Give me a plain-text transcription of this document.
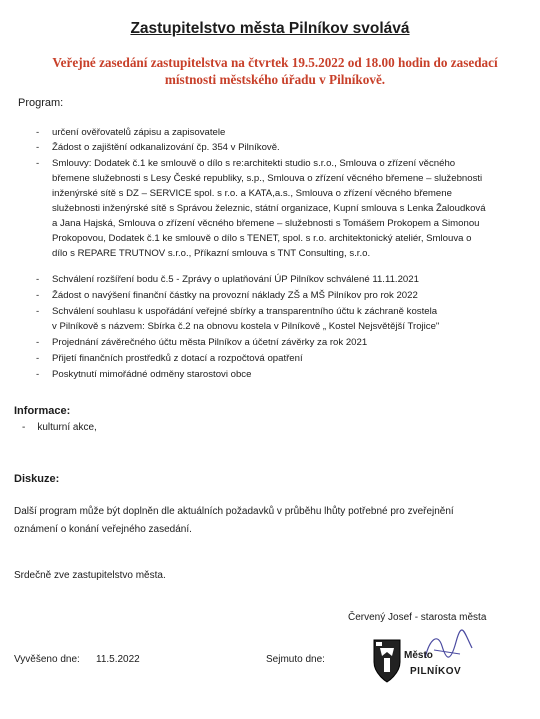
Zastupitelstvo města Pilníkov svolává
Veřejné zasedání zastupitelstva na čtvrtek 19.5.2022 od 18.00 hodin do zasedací
místnosti městského úřadu v Pilníkově.
Program:
- určení ověřovatelů zápisu a zapisovatele
- Žádost o zajištění odkanalizování čp. 354 v Pilníkově.
- Smlouvy: Dodatek č.1 ke smlouvě o dílo s re:architekti studio s.r.o., Smlouva o zřízení věcného
břemene služebnosti s Lesy České republiky, s.p., Smlouva o zřízení věcného břemene – služebnosti
inženýrské sítě s DZ – SERVICE spol. s r.o. a KATA,a.s., Smlouva o zřízení věcného břemene
služebnosti inženýrské sítě s Správou železnic, státní organizace, Kupní smlouva s Lenka Žaloudková
a Jana Hajská, Smlouva o zřízení věcného břemene – služebnosti s Tomášem Prokopem a Simonou
Prokopovou, Dodatek č.1 ke smlouvě o dílo s TENET, spol. s r.o. architektonický ateliér, Smlouva o
dílo s REPARE TRUTNOV s.r.o., Příkazní smlouva s TNT Consulting, s.r.o.
- Schválení rozšíření bodu č.5 - Zprávy o uplatňování ÚP Pilníkov schválené 11.11.2021
- Žádost o navýšení finanční částky na provozní náklady ZŠ a MŠ Pilníkov pro rok 2022
- Schválení souhlasu k uspořádání veřejné sbírky a transparentního účtu k záchraně kostela
v Pilníkově s názvem: Sbírka č.2 na obnovu kostela v Pilníkově „ Kostel Nejsvětější Trojice"
- Projednání závěrečného účtu města Pilníkov a účetní závěrky za rok 2021
- Přijetí finančních prostředků z dotací a rozpočtová opatření
- Poskytnutí mimořádné odměny starostovi obce
Informace:
- kulturní akce,
Diskuze:
Další program může být doplněn dle aktuálních požadavků v průběhu lhůty potřebné pro zveřejnění
oznámení o konání veřejného zasedání.
Srdečně zve zastupitelstvo města.
Červený Josef - starosta města
Město
PILNÍKOV
Vyvěšeno dne: 11.5.2022	Sejmuto dne:
